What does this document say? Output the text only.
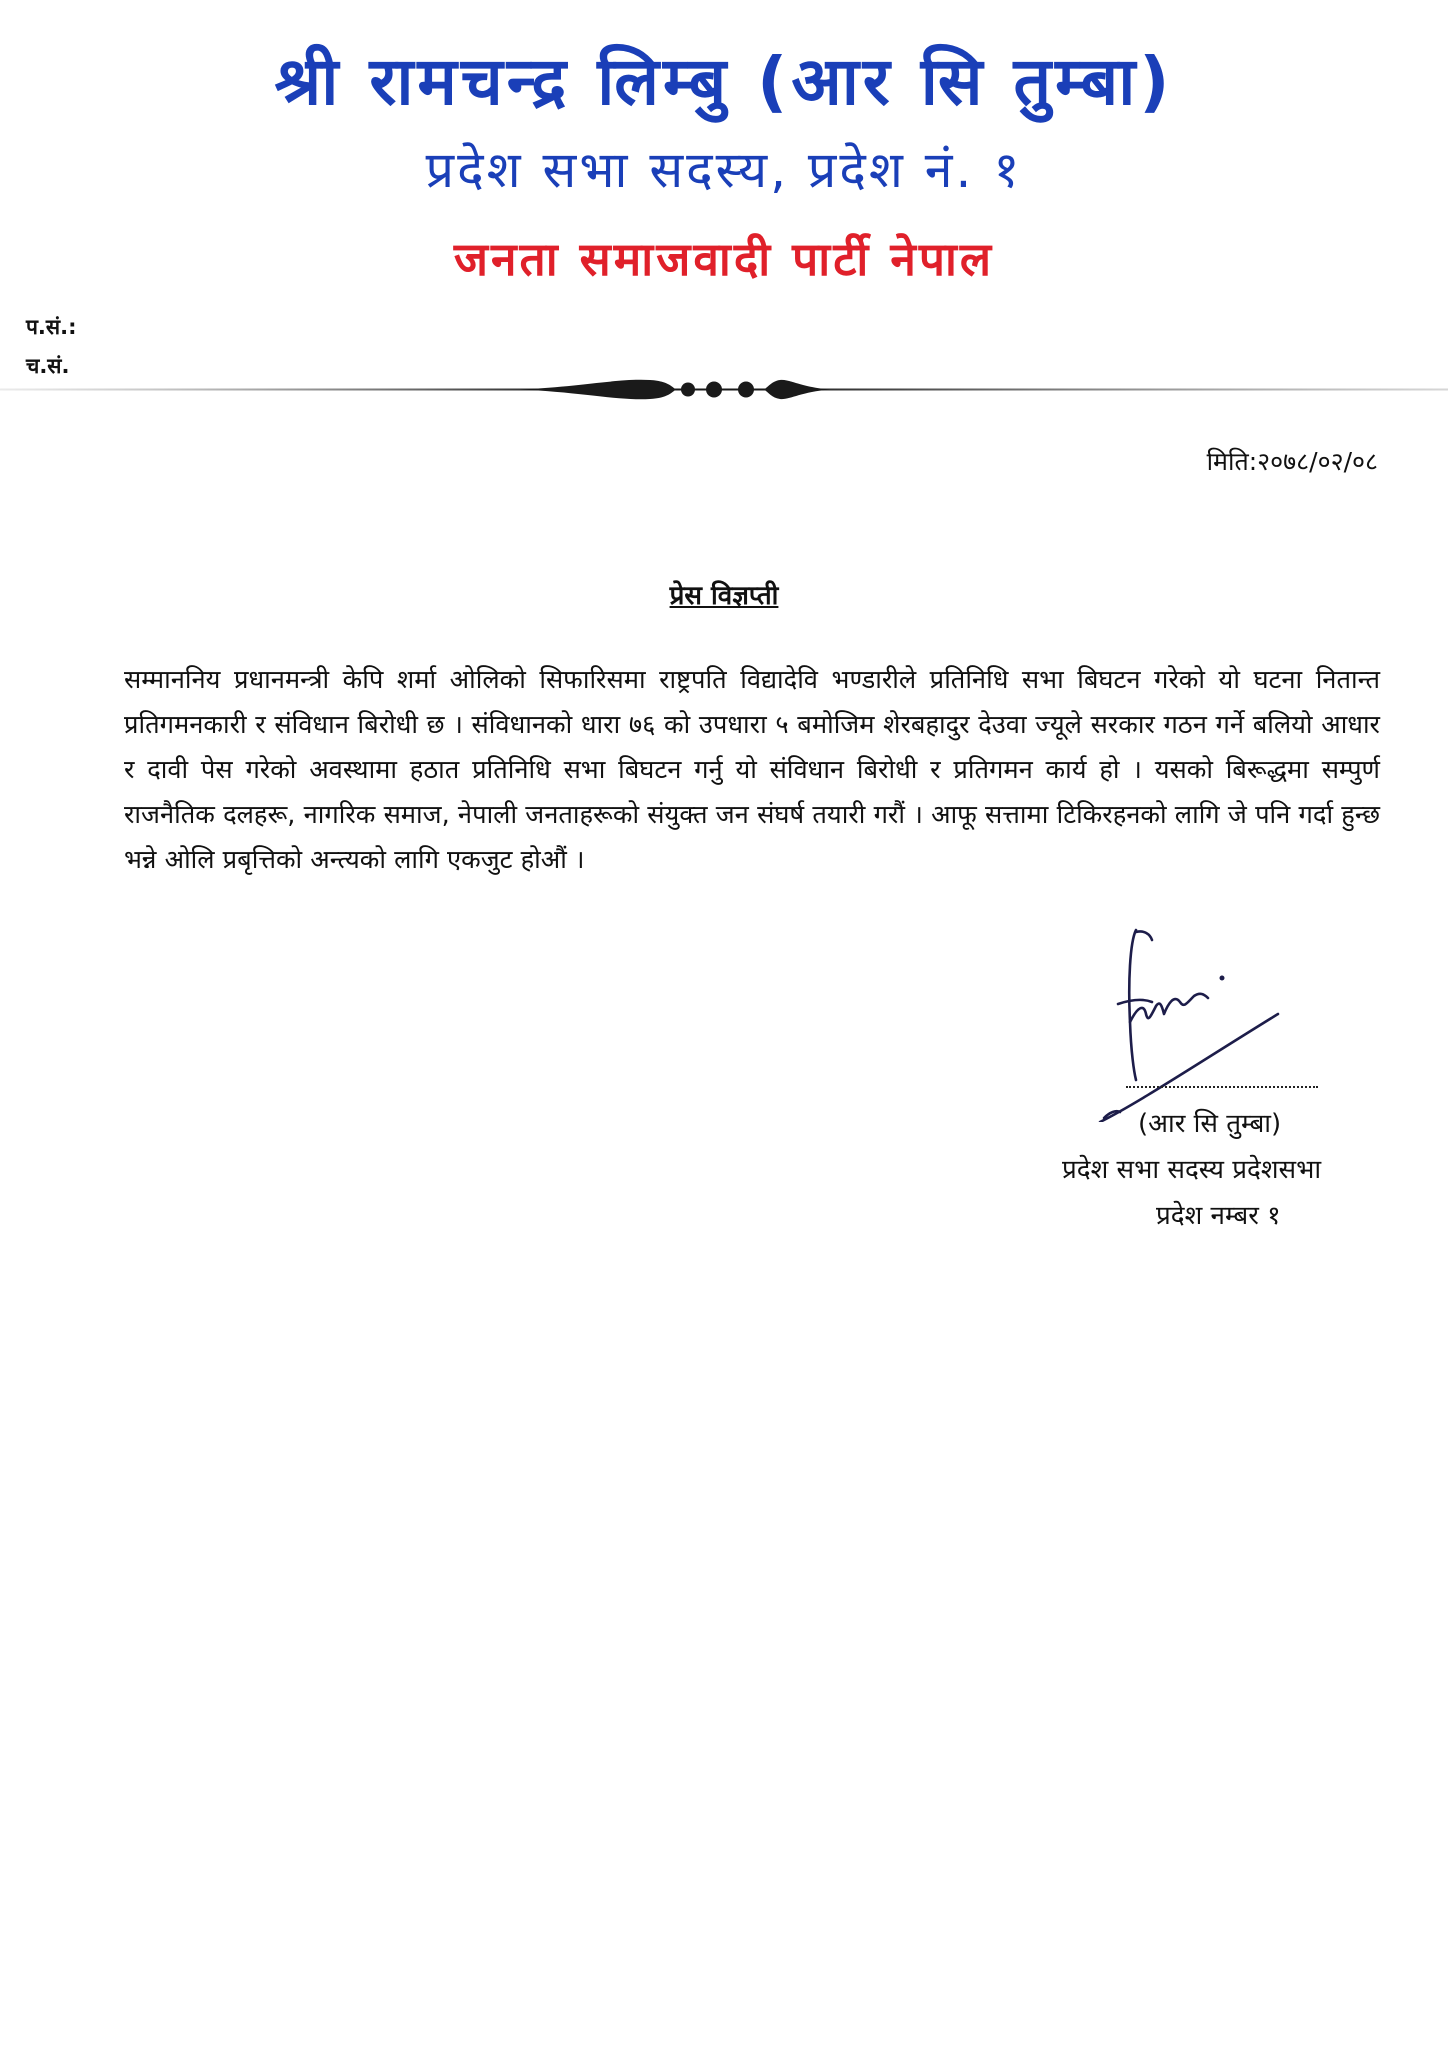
श्री रामचन्द्र लिम्बु (आर सि तुम्बा)
प्रदेश सभा सदस्य, प्रदेश नं. १
जनता समाजवादी पार्टी नेपाल
प.सं.:
च.सं.
मिति:२०७८/०२/०८
प्रेस विज्ञप्ती
सम्माननिय प्रधानमन्त्री केपि शर्मा ओलिको सिफारिसमा राष्ट्रपति विद्यादेवि भण्डारीले प्रतिनिधि सभा बिघटन गरेको यो घटना नितान्त प्रतिगमनकारी र संविधान बिरोधी छ । संविधानको धारा ७६ को उपधारा ५ बमोजिम शेरबहादुर देउवा ज्यूले सरकार गठन गर्ने बलियो आधार र दावी पेस गरेको अवस्थामा हठात प्रतिनिधि सभा बिघटन गर्नु यो संविधान बिरोधी र प्रतिगमन कार्य हो । यसको बिरूद्धमा सम्पुर्ण राजनैतिक दलहरू, नागरिक समाज, नेपाली जनताहरूको संयुक्त जन संघर्ष तयारी गरौं । आफू सत्तामा टिकिरहनको लागि जे पनि गर्दा हुन्छ भन्ने ओलि प्रबृत्तिको अन्त्यको लागि एकजुट होऔं ।
(आर सि तुम्बा)
प्रदेश सभा सदस्य प्रदेशसभा
प्रदेश नम्बर १
